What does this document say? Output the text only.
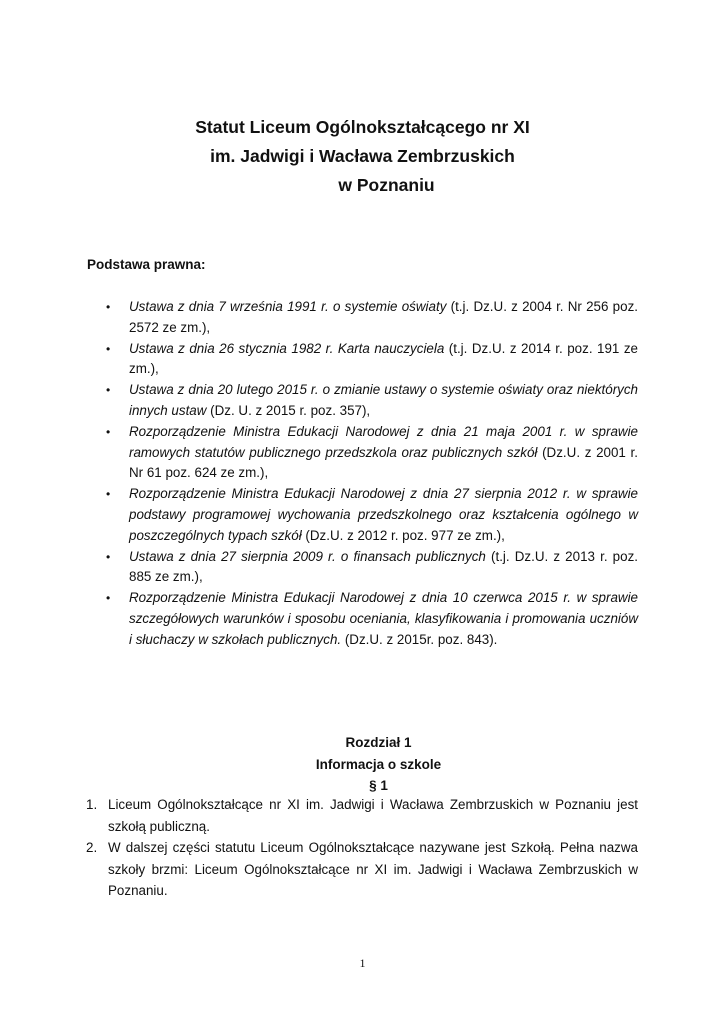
Statut Liceum Ogólnokształcącego nr XI
im. Jadwigi i Wacława Zembrzuskich
w Poznaniu
Podstawa prawna:
• Ustawa z dnia 7 września 1991 r. o systemie oświaty (t.j. Dz.U. z 2004 r. Nr 256 poz. 2572 ze zm.),
• Ustawa z dnia 26 stycznia 1982 r. Karta nauczyciela (t.j. Dz.U. z 2014 r. poz. 191 ze zm.),
• Ustawa z dnia 20 lutego 2015 r. o zmianie ustawy o systemie oświaty oraz niektórych innych ustaw (Dz. U. z 2015 r. poz. 357),
• Rozporządzenie Ministra Edukacji Narodowej z dnia 21 maja 2001 r. w sprawie ramowych statutów publicznego przedszkola oraz publicznych szkół (Dz.U. z 2001 r. Nr 61 poz. 624 ze zm.),
• Rozporządzenie Ministra Edukacji Narodowej z dnia 27 sierpnia 2012 r. w sprawie podstawy programowej wychowania przedszkolnego oraz kształcenia ogólnego w poszczególnych typach szkół (Dz.U. z 2012 r. poz. 977 ze zm.),
• Ustawa z dnia 27 sierpnia 2009 r. o finansach publicznych (t.j. Dz.U. z 2013 r. poz. 885 ze zm.),
• Rozporządzenie Ministra Edukacji Narodowej z dnia 10 czerwca 2015 r. w sprawie szczegółowych warunków i sposobu oceniania, klasyfikowania i promowania uczniów i słuchaczy w szkołach publicznych. (Dz.U. z 2015r. poz. 843).
Rozdział 1
Informacja o szkole
§ 1
1. Liceum Ogólnokształcące nr XI im. Jadwigi i Wacława Zembrzuskich w Poznaniu jest szkołą publiczną.
2. W dalszej części statutu Liceum Ogólnokształcące nazywane jest Szkołą. Pełna nazwa szkoły brzmi: Liceum Ogólnokształcące nr XI im. Jadwigi i Wacława Zembrzuskich w Poznaniu.
1
